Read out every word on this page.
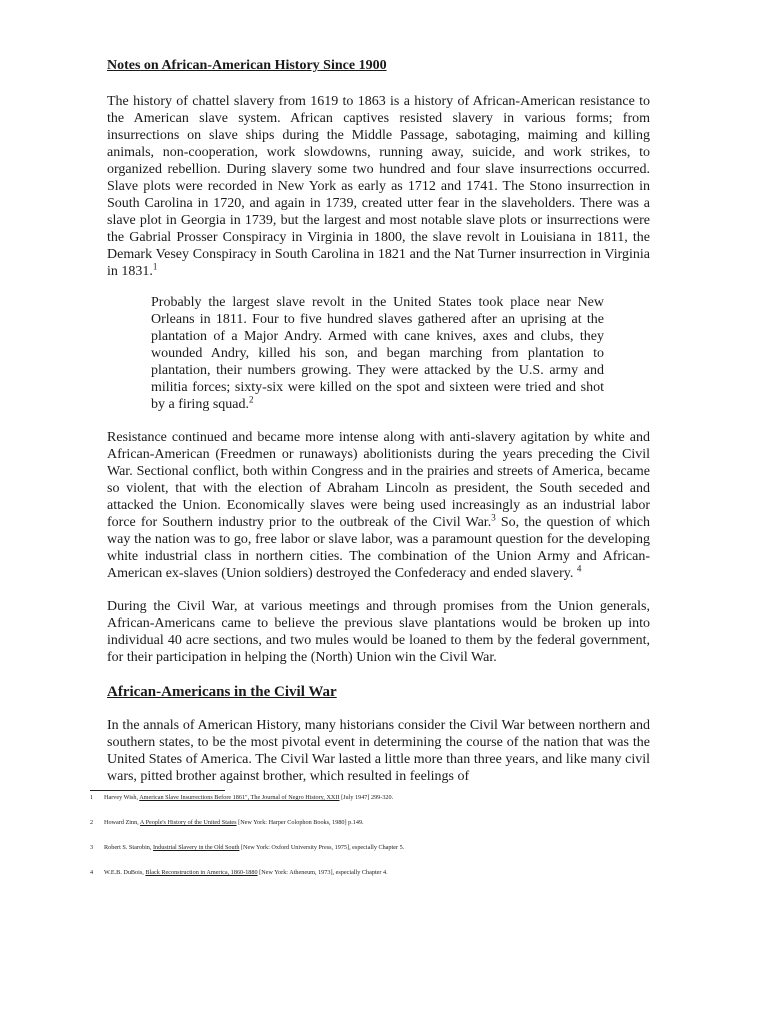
Notes on African-American History Since 1900

The history of chattel slavery from 1619 to 1863 is a history of African-American resistance to the American slave system. African captives resisted slavery in various forms; from insurrections on slave ships during the Middle Passage, sabotaging, maiming and killing animals, non-cooperation, work slowdowns, running away, suicide, and work strikes, to organized rebellion. During slavery some two hundred and four slave insurrections occurred. Slave plots were recorded in New York as early as 1712 and 1741. The Stono insurrection in South Carolina in 1720, and again in 1739, created utter fear in the slaveholders. There was a slave plot in Georgia in 1739, but the largest and most notable slave plots or insurrections were the Gabrial Prosser Conspiracy in Virginia in 1800, the slave revolt in Louisiana in 1811, the Demark Vesey Conspiracy in South Carolina in 1821 and the Nat Turner insurrection in Virginia in 1831.$^1$

Probably the largest slave revolt in the United States took place near New Orleans in 1811. Four to five hundred slaves gathered after an uprising at the plantation of a Major Andry. Armed with cane knives, axes and clubs, they wounded Andry, killed his son, and began marching from plantation to plantation, their numbers growing. They were attacked by the U.S. army and militia forces; sixty-six were killed on the spot and sixteen were tried and shot by a firing squad.$^2$

Resistance continued and became more intense along with anti-slavery agitation by white and African-American (Freedmen or runaways) abolitionists during the years preceding the Civil War. Sectional conflict, both within Congress and in the prairies and streets of America, became so violent, that with the election of Abraham Lincoln as president, the South seceded and attacked the Union. Economically slaves were being used increasingly as an industrial labor force for Southern industry prior to the outbreak of the Civil War.$^3$ So, the question of which way the nation was to go, free labor or slave labor, was a paramount question for the developing white industrial class in northern cities. The combination of the Union Army and African-American ex-slaves (Union soldiers) destroyed the Confederacy and ended slavery. $^4$

During the Civil War, at various meetings and through promises from the Union generals, African-Americans came to believe the previous slave plantations would be broken up into individual 40 acre sections, and two mules would be loaned to them by the federal government, for their participation in helping the (North) Union win the Civil War.

African-Americans in the Civil War

In the annals of American History, many historians consider the Civil War between northern and southern states, to be the most pivotal event in determining the course of the nation that was the United States of America. The Civil War lasted a little more than three years, and like many civil wars, pitted brother against brother, which resulted in feelings of

1 Harvey Wish, American Slave Insurrections Before 1861", The Journal of Negro History, XXII [July 1947] 299-320.

2 Howard Zinn, A People's History of the United States [New York: Harper Colophon Books, 1980] p.149.

3 Robert S. Starobin, Industrial Slavery in the Old South [New York: Oxford University Press, 1975], especially Chapter 5.

4 W.E.B. DuBois, Black Reconstruction in America, 1860-1880 [New York: Atheneum, 1973], especially Chapter 4.
